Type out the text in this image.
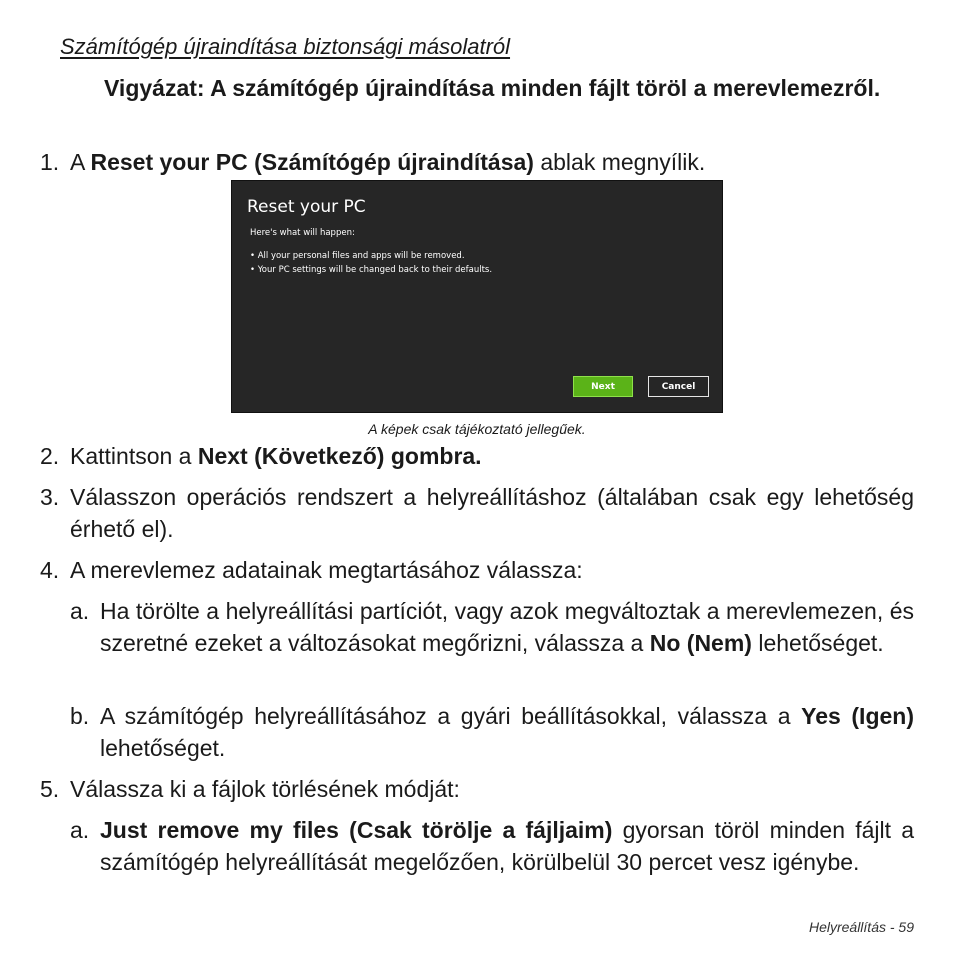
Számítógép újraindítása biztonsági másolatról
Vigyázat: A számítógép újraindítása minden fájlt töröl a merevlemezről.
1. A Reset your PC (Számítógép újraindítása) ablak megnyílik.
Reset your PC
Here's what will happen:
• All your personal files and apps will be removed.
• Your PC settings will be changed back to their defaults.
Next	Cancel
A képek csak tájékoztató jellegűek.
2. Kattintson a Next (Következő) gombra.
3. Válasszon operációs rendszert a helyreállításhoz (általában csak egy lehetőség érhető el).
4. A merevlemez adatainak megtartásához válassza:
a. Ha törölte a helyreállítási partíciót, vagy azok megváltoztak a merevlemezen, és szeretné ezeket a változásokat megőrizni, válassza a No (Nem) lehetőséget.
b. A számítógép helyreállításához a gyári beállításokkal, válassza a Yes (Igen) lehetőséget.
5. Válassza ki a fájlok törlésének módját:
a. Just remove my files (Csak törölje a fájljaim) gyorsan töröl minden fájlt a számítógép helyreállítását megelőzően, körülbelül 30 percet vesz igénybe.
Helyreállítás - 59
